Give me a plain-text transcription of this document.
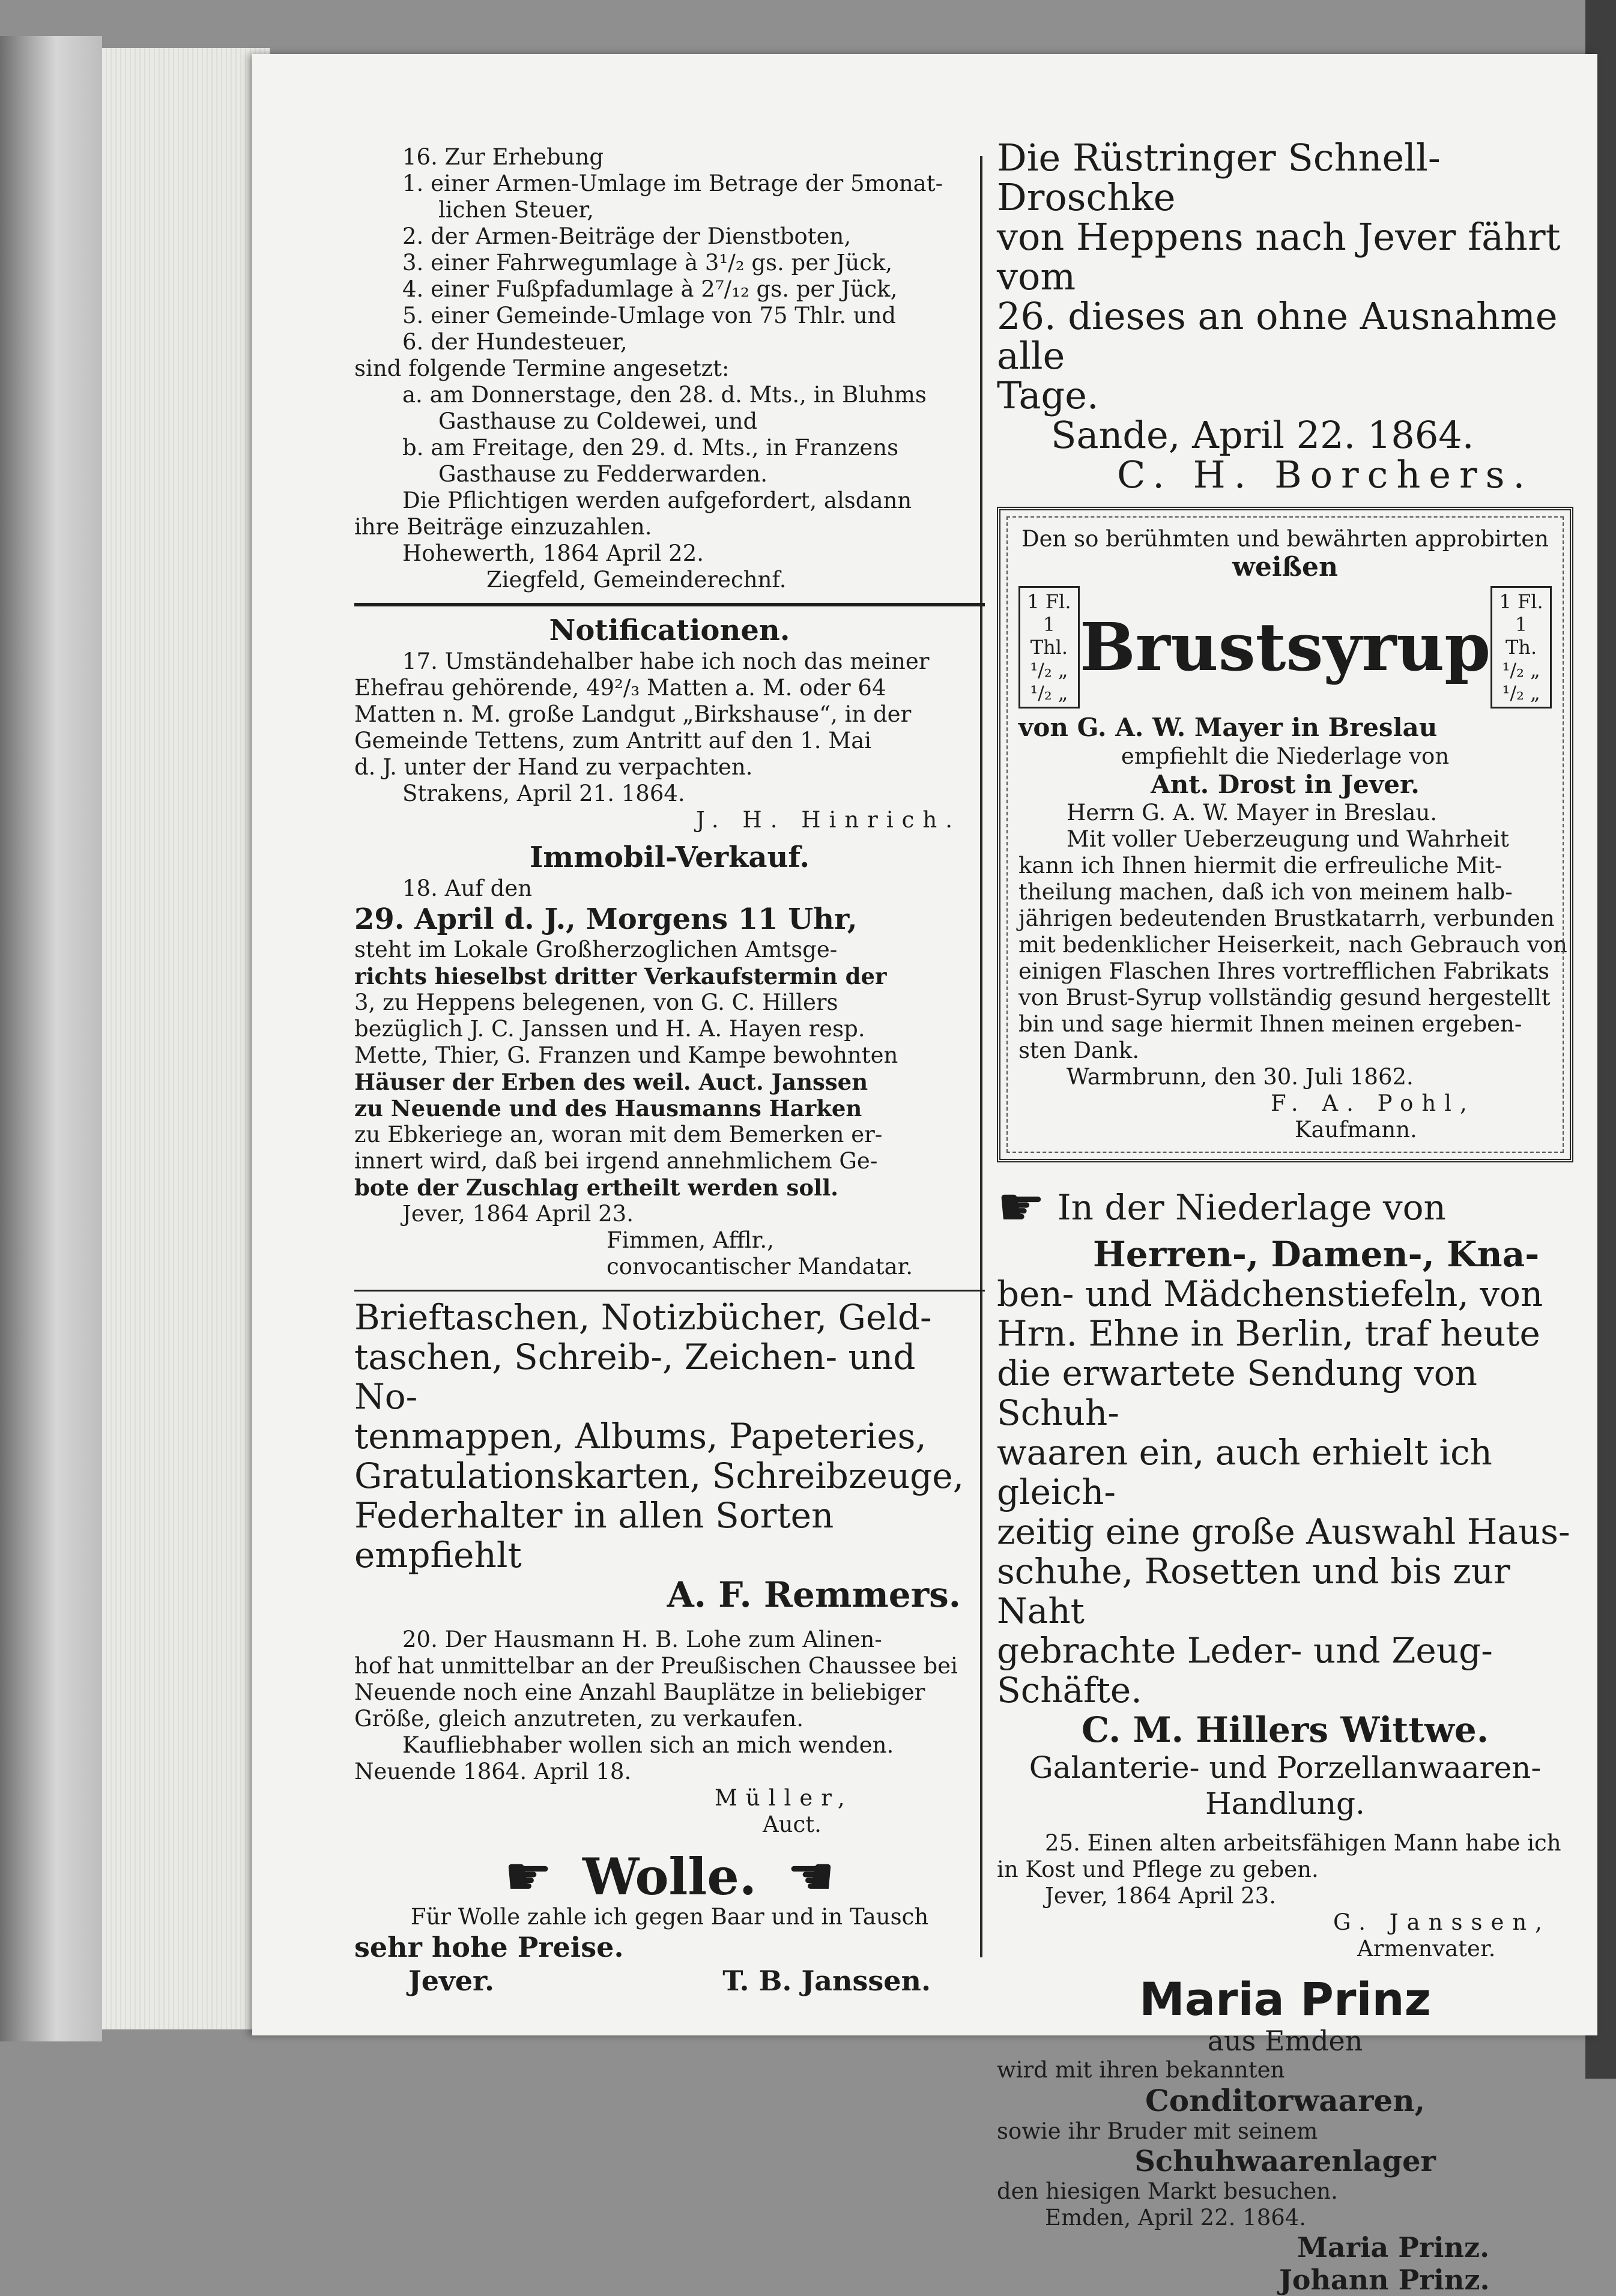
16. Zur Erhebung
1. einer Armen-Umlage im Betrage der 5monat-
lichen Steuer,
2. der Armen-Beiträge der Dienstboten,
3. einer Fahrwegumlage à 3¹/₂ gs. per Jück,
4. einer Fußpfadumlage à 2⁷/₁₂ gs. per Jück,
5. einer Gemeinde-Umlage von 75 Thlr. und
6. der Hundesteuer,
sind folgende Termine angesetzt:
a. am Donnerstage, den 28. d. Mts., in Bluhms
Gasthause zu Coldewei, und
b. am Freitage, den 29. d. Mts., in Franzens
Gasthause zu Fedderwarden.
Die Pflichtigen werden aufgefordert, alsdann
ihre Beiträge einzuzahlen.
Hohewerth, 1864 April 22.
Ziegfeld, Gemeinderechnf.
Notificationen.
17. Umständehalber habe ich noch das meiner
Ehefrau gehörende, 49²/₃ Matten a. M. oder 64
Matten n. M. große Landgut „Birkshause“, in der
Gemeinde Tettens, zum Antritt auf den 1. Mai
d. J. unter der Hand zu verpachten.
Strakens, April 21. 1864.
J. H. Hinrich.
Immobil-Verkauf.
18. Auf den
29. April d. J., Morgens 11 Uhr,
steht im Lokale Großherzoglichen Amtsge-
richts hieselbst dritter Verkaufstermin der
3, zu Heppens belegenen, von G. C. Hillers
bezüglich J. C. Janssen und H. A. Hayen resp.
Mette, Thier, G. Franzen und Kampe bewohnten
Häuser der Erben des weil. Auct. Janssen
zu Neuende und des Hausmanns Harken
zu Ebkeriege an, woran mit dem Bemerken er-
innert wird, daß bei irgend annehmlichem Ge-
bote der Zuschlag ertheilt werden soll.
Jever, 1864 April 23.
Fimmen, Afflr.,
convocantischer Mandatar.
Brieftaschen, Notizbücher, Geld-
taschen, Schreib-, Zeichen- und No-
tenmappen, Albums, Papeteries,
Gratulationskarten, Schreibzeuge,
Federhalter in allen Sorten empfiehlt
A. F. Remmers.
20. Der Hausmann H. B. Lohe zum Alinen-
hof hat unmittelbar an der Preußischen Chaussee bei
Neuende noch eine Anzahl Bauplätze in beliebiger
Größe, gleich anzutreten, zu verkaufen.
Kaufliebhaber wollen sich an mich wenden.
Neuende 1864. April 18.
Müller,
Auct.
☛ Wolle. ☚
Für Wolle zahle ich gegen Baar und in Tausch
sehr hohe Preise.
Jever.	T. B. Janssen.
Die Rüstringer Schnell-Droschke
von Heppens nach Jever fährt vom
26. dieses an ohne Ausnahme alle
Tage.
Sande, April 22. 1864.
C. H. Borchers.
Den so berühmten und bewährten approbirten
weißen
1 Fl. 1 Thl.
¹/₂ „ ¹/₂ „
Brustsyrup
1 Fl. 1 Th.
¹/₂ „ ¹/₂ „
von G. A. W. Mayer in Breslau
empfiehlt die Niederlage von
Ant. Drost in Jever.
Herrn G. A. W. Mayer in Breslau.
Mit voller Ueberzeugung und Wahrheit
kann ich Ihnen hiermit die erfreuliche Mit-
theilung machen, daß ich von meinem halb-
jährigen bedeutenden Brustkatarrh, verbunden
mit bedenklicher Heiserkeit, nach Gebrauch von
einigen Flaschen Ihres vortrefflichen Fabrikats
von Brust-Syrup vollständig gesund hergestellt
bin und sage hiermit Ihnen meinen ergeben-
sten Dank.
Warmbrunn, den 30. Juli 1862.
F. A. Pohl,
Kaufmann.
☛ In der Niederlage von
Herren-, Damen-, Kna-
ben- und Mädchenstiefeln, von
Hrn. Ehne in Berlin, traf heute
die erwartete Sendung von Schuh-
waaren ein, auch erhielt ich gleich-
zeitig eine große Auswahl Haus-
schuhe, Rosetten und bis zur Naht
gebrachte Leder- und Zeug-Schäfte.
C. M. Hillers Wittwe.
Galanterie- und Porzellanwaaren-
Handlung.
25. Einen alten arbeitsfähigen Mann habe ich
in Kost und Pflege zu geben.
Jever, 1864 April 23.
G. Janssen,
Armenvater.
Maria Prinz
aus Emden
wird mit ihren bekannten
Conditorwaaren,
sowie ihr Bruder mit seinem
Schuhwaarenlager
den hiesigen Markt besuchen.
Emden, April 22. 1864.
Maria Prinz.
Johann Prinz.
